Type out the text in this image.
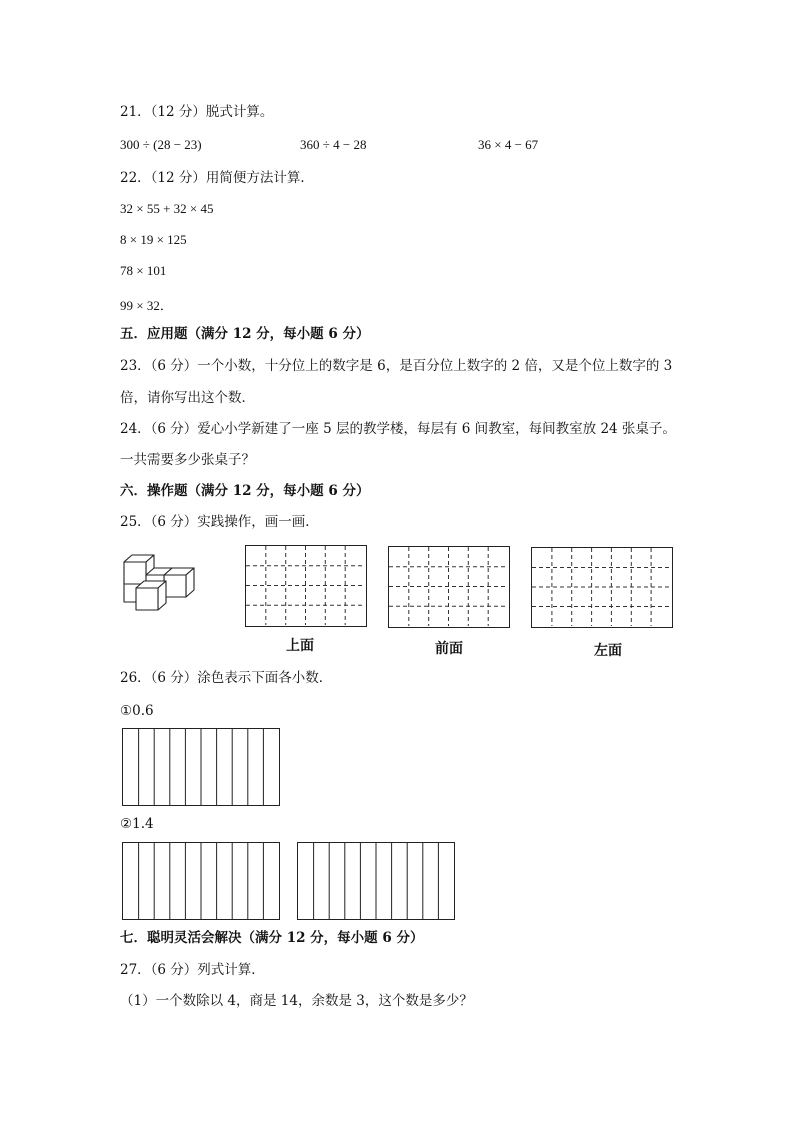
21．（12 分）脱式计算。
300 ÷ (28 − 23)	360 ÷ 4 − 28	36 × 4 − 67
22．（12 分）用简便方法计算．
32 × 55 + 32 × 45
8 × 19 × 125
78 × 101
99 × 32．
五．应用题（满分 12 分，每小题 6 分）
23．（6 分）一个小数，十分位上的数字是 6，是百分位上数字的 2 倍，又是个位上数字的 3
倍，请你写出这个数．
24．（6 分）爱心小学新建了一座 5 层的教学楼，每层有 6 间教室，每间教室放 24 张桌子。
一共需要多少张桌子？
六．操作题（满分 12 分，每小题 6 分）
25．（6 分）实践操作，画一画．
上面	前面	左面
26．（6 分）涂色表示下面各小数．
①0.6
②1.4
七．聪明灵活会解决（满分 12 分，每小题 6 分）
27．（6 分）列式计算．
（1）一个数除以 4，商是 14，余数是 3，这个数是多少？
